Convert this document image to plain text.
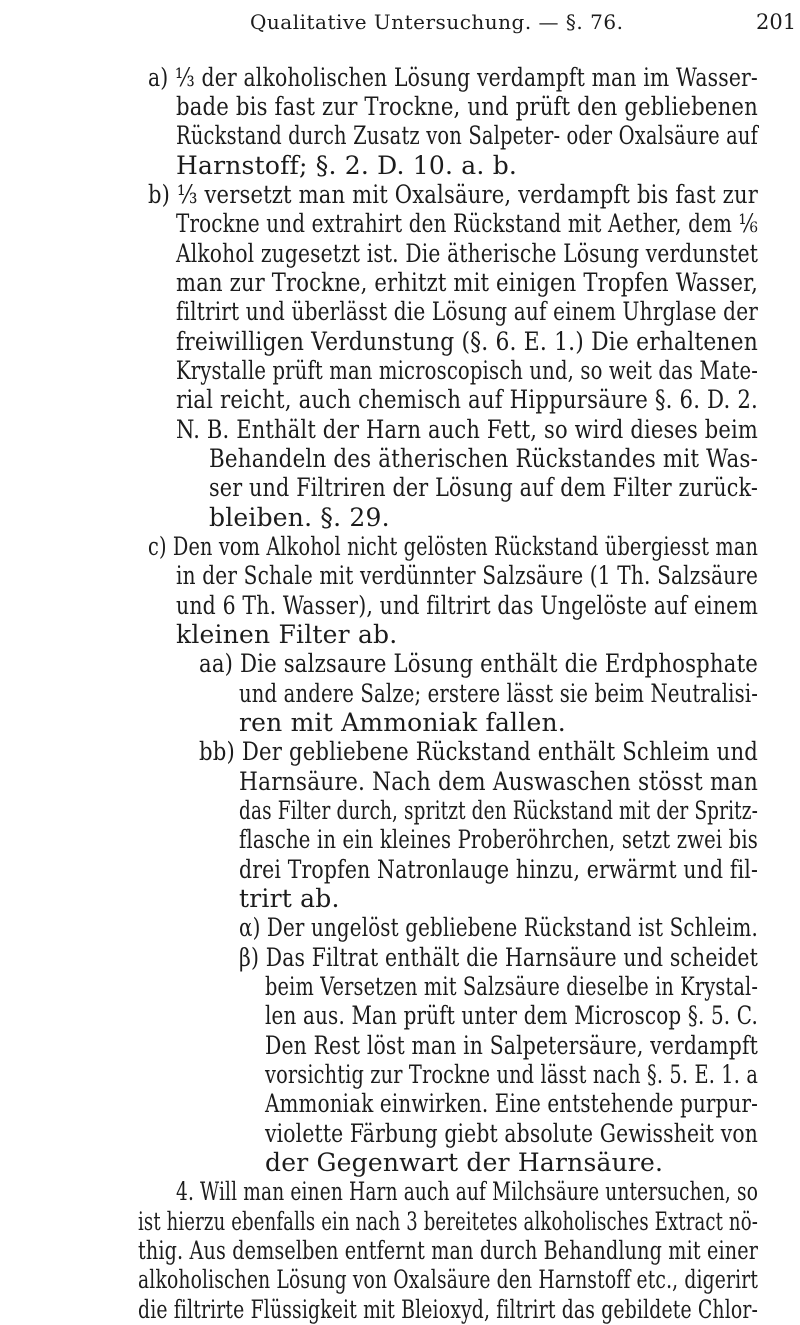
Qualitative Untersuchung. — §. 76.	201
a) ⅓ der alkoholischen Lösung verdampft man im Wasser-
bade bis fast zur Trockne, und prüft den gebliebenen
Rückstand durch Zusatz von Salpeter- oder Oxalsäure auf
Harnstoff; §. 2. D. 10. a. b.
b) ⅓ versetzt man mit Oxalsäure, verdampft bis fast zur
Trockne und extrahirt den Rückstand mit Aether, dem ⅙
Alkohol zugesetzt ist. Die ätherische Lösung verdunstet
man zur Trockne, erhitzt mit einigen Tropfen Wasser,
filtrirt und überlässt die Lösung auf einem Uhrglase der
freiwilligen Verdunstung (§. 6. E. 1.) Die erhaltenen
Krystalle prüft man microscopisch und, so weit das Mate-
rial reicht, auch chemisch auf Hippursäure §. 6. D. 2.
N. B. Enthält der Harn auch Fett, so wird dieses beim
Behandeln des ätherischen Rückstandes mit Was-
ser und Filtriren der Lösung auf dem Filter zurück-
bleiben. §. 29.
c) Den vom Alkohol nicht gelösten Rückstand übergiesst man
in der Schale mit verdünnter Salzsäure (1 Th. Salzsäure
und 6 Th. Wasser), und filtrirt das Ungelöste auf einem
kleinen Filter ab.
aa) Die salzsaure Lösung enthält die Erdphosphate
und andere Salze; erstere lässt sie beim Neutralisi-
ren mit Ammoniak fallen.
bb) Der gebliebene Rückstand enthält Schleim und
Harnsäure. Nach dem Auswaschen stösst man
das Filter durch, spritzt den Rückstand mit der Spritz-
flasche in ein kleines Proberöhrchen, setzt zwei bis
drei Tropfen Natronlauge hinzu, erwärmt und fil-
trirt ab.
α) Der ungelöst gebliebene Rückstand ist Schleim.
β) Das Filtrat enthält die Harnsäure und scheidet
beim Versetzen mit Salzsäure dieselbe in Krystal-
len aus. Man prüft unter dem Microscop §. 5. C.
Den Rest löst man in Salpetersäure, verdampft
vorsichtig zur Trockne und lässt nach §. 5. E. 1. a
Ammoniak einwirken. Eine entstehende purpur-
violette Färbung giebt absolute Gewissheit von
der Gegenwart der Harnsäure.
4. Will man einen Harn auch auf Milchsäure untersuchen, so
ist hierzu ebenfalls ein nach 3 bereitetes alkoholisches Extract nö-
thig. Aus demselben entfernt man durch Behandlung mit einer
alkoholischen Lösung von Oxalsäure den Harnstoff etc., digerirt
die filtrirte Flüssigkeit mit Bleioxyd, filtrirt das gebildete Chlor-
